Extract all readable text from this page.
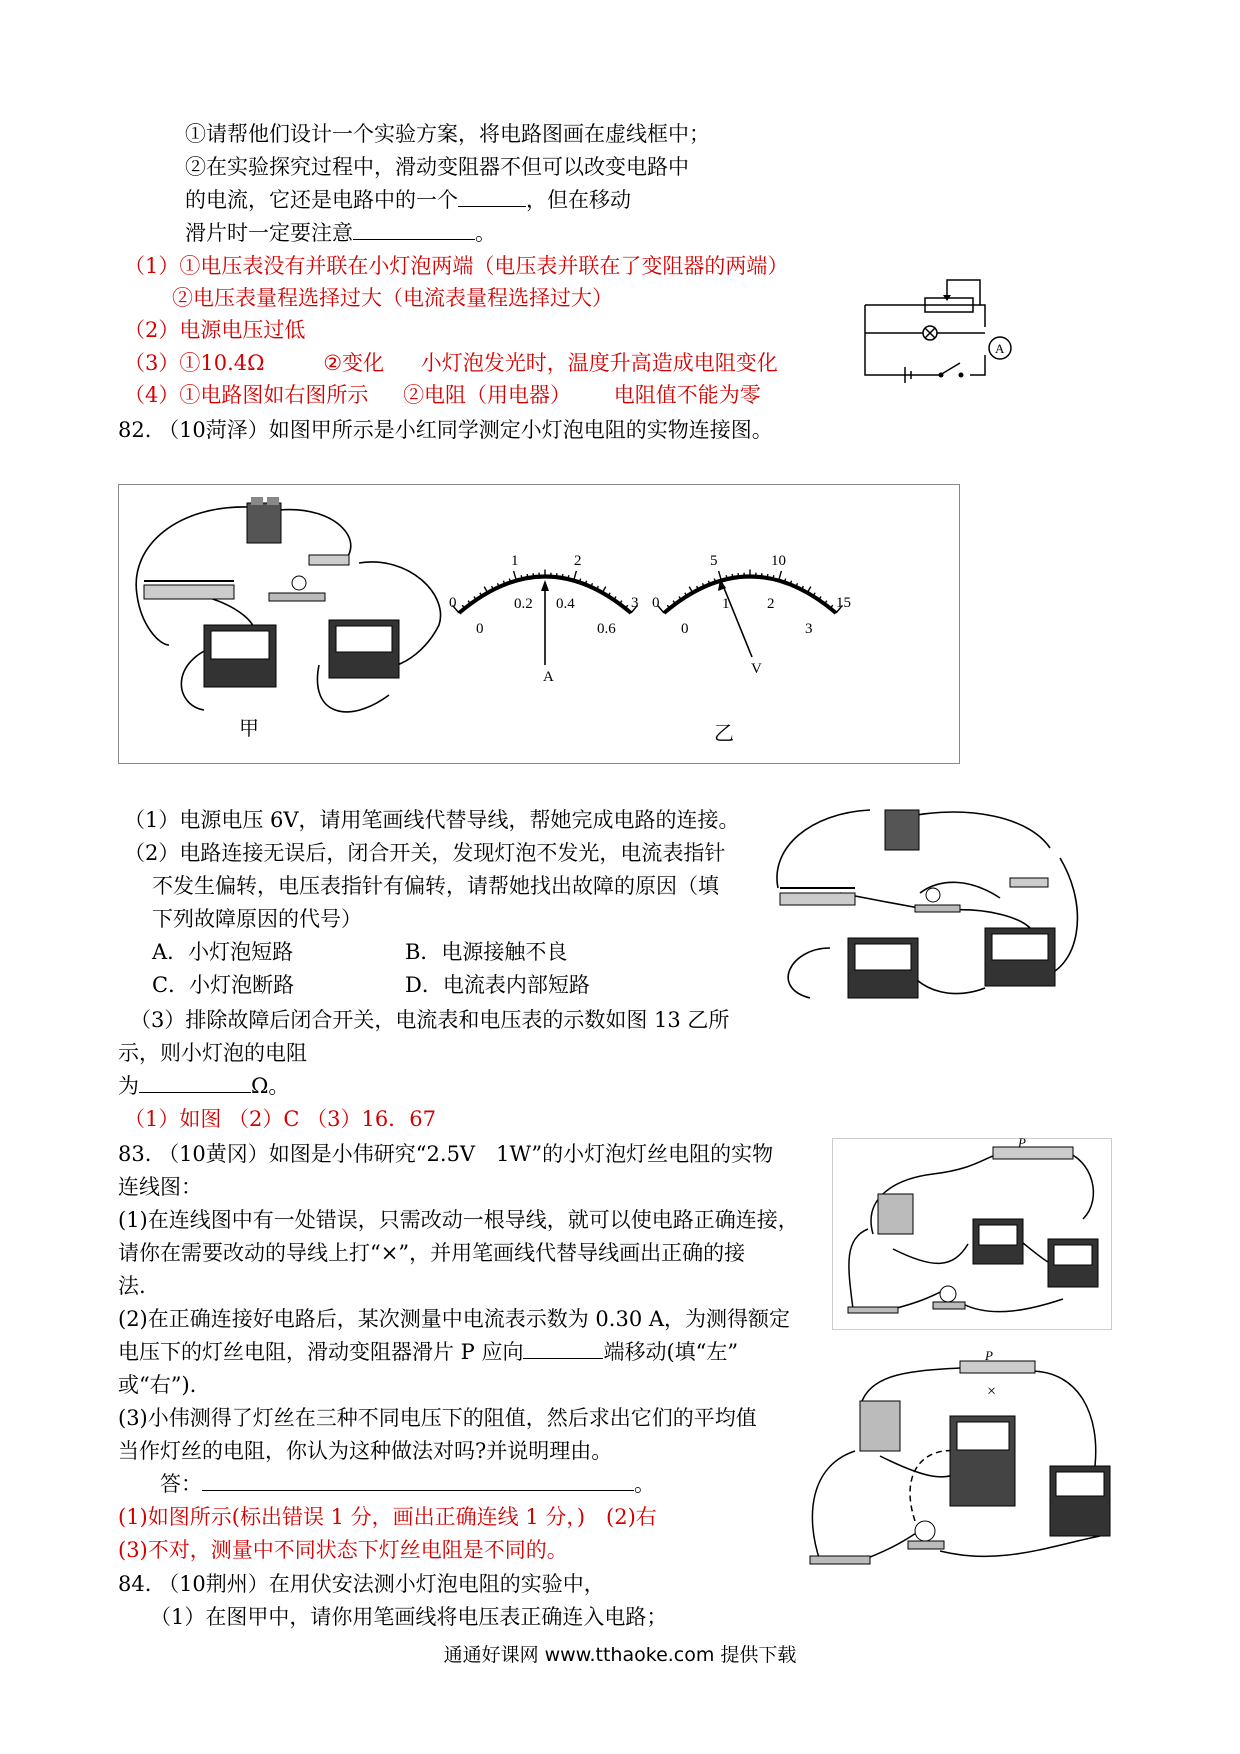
①请帮他们设计一个实验方案，将电路图画在虚线框中；
②在实验探究过程中，滑动变阻器不但可以改变电路中
的电流，它还是电路中的一个	，但在移动
滑片时一定要注意	。
（1）①电压表没有并联在小灯泡两端（电压表并联在了变阻器的两端）
②电压表量程选择过大（电流表量程选择过大）
（2）电源电压过低
（3）①10.4Ω	②变化 小灯泡发光时，温度升高造成电阻变化
（4）①电路图如右图所示 ②电阻（用电器） 电阻值不能为零
A
82. （10菏泽）如图甲所示是小红同学测定小灯泡电阻的实物连接图。
甲	乙
0
1	2
3
0
0.2 0.4
0.6
A
0
5	10
15
0
1	2
3
V
（1）电源电压 6V，请用笔画线代替导线，帮她完成电路的连接。
（2）电路连接无误后，闭合开关，发现灯泡不发光，电流表指针
不发生偏转，电压表指针有偏转，请帮她找出故障的原因（填
下列故障原因的代号）
A．小灯泡短路	B．电源接触不良
C．小灯泡断路	D．电流表内部短路
（3）排除故障后闭合开关，电流表和电压表的示数如图 13 乙所
示，则小灯泡的电阻
为	Ω。
（1）如图 （2）C （3）16．67
83. （10黄冈）如图是小伟研究“2.5V　1W”的小灯泡灯丝电阻的实物
连线图：
(1)在连线图中有一处错误，只需改动一根导线，就可以使电路正确连接，
请你在需要改动的导线上打“×”，并用笔画线代替导线画出正确的接
法.
(2)在正确连接好电路后，某次测量中电流表示数为 0.30 A，为测得额定
电压下的灯丝电阻，滑动变阻器滑片 P 应向	端移动(填“左”
或“右”).
(3)小伟测得了灯丝在三种不同电压下的阻值，然后求出它们的平均值
当作灯丝的电阻，你认为这种做法对吗?并说明理由。
答：	。
(1)如图所示(标出错误 1 分，画出正确连线 1 分，)　(2)右
(3)不对，测量中不同状态下灯丝电阻是不同的。
P
P
×
84. （10荆州）在用伏安法测小灯泡电阻的实验中，
（1）在图甲中，请你用笔画线将电压表正确连入电路；
通通好课网 www.tthaoke.com 提供下载
